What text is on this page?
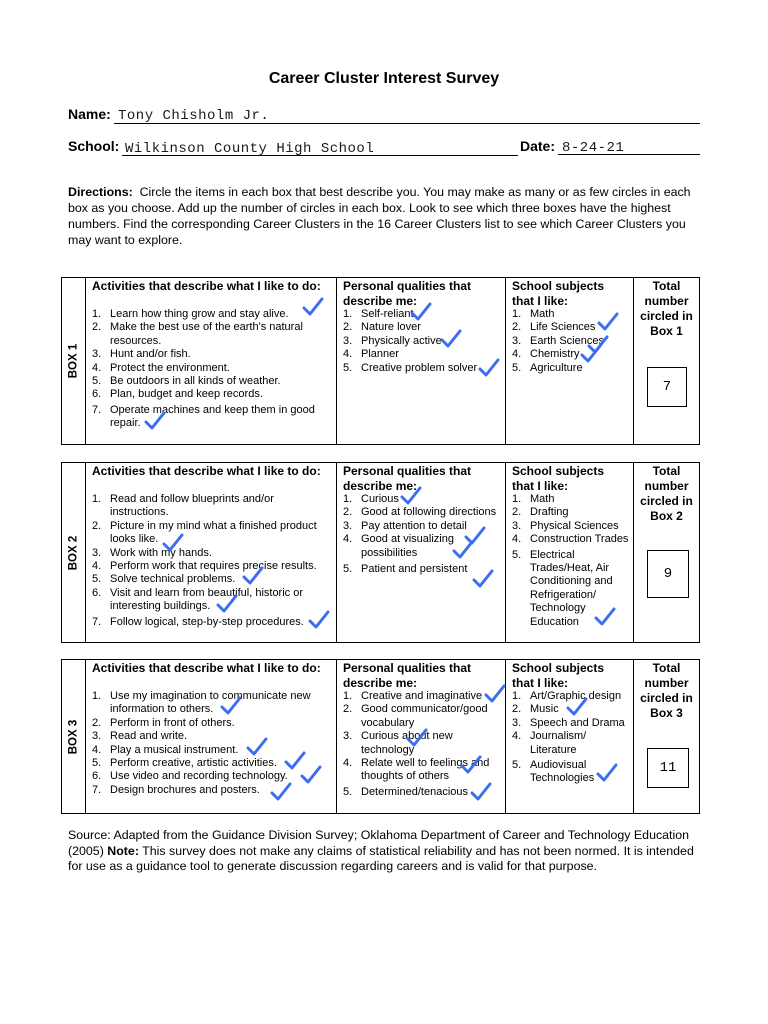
Career Cluster Interest Survey
Name: Tony Chisholm Jr.
School: Wilkinson County High School	Date: 8-24-21
Directions: Circle the items in each box that best describe you. You may make as many or as few circles in each box as you choose. Add up the number of circles in each box. Look to see which three boxes have the highest numbers. Find the corresponding Career Clusters in the 16 Career Clusters list to see which Career Clusters you may want to explore.
BOX 1
Activities that describe what I like to do:
1. Learn how thing grow and stay alive.
2. Make the best use of the earth's natural resources.
3. Hunt and/or fish.
4. Protect the environment.
5. Be outdoors in all kinds of weather.
6. Plan, budget and keep records.
7. Operate machines and keep them in good repair.
Personal qualities that describe me:
1. Self-reliant
2. Nature lover
3. Physically active
4. Planner
5. Creative problem solver
School subjects that I like:
1. Math
2. Life Sciences
3. Earth Sciences
4. Chemistry
5. Agriculture
Total number circled in Box 1
7
BOX 2
Activities that describe what I like to do:
1. Read and follow blueprints and/or instructions.
2. Picture in my mind what a finished product looks like.
3. Work with my hands.
4. Perform work that requires precise results.
5. Solve technical problems.
6. Visit and learn from beautiful, historic or interesting buildings.
7. Follow logical, step-by-step procedures.
Personal qualities that describe me:
1. Curious
2. Good at following directions
3. Pay attention to detail
4. Good at visualizing possibilities
5. Patient and persistent
School subjects that I like:
1. Math
2. Drafting
3. Physical Sciences
4. Construction Trades
5. Electrical Trades/Heat, Air Conditioning and Refrigeration/ Technology Education
Total number circled in Box 2
9
BOX 3
Activities that describe what I like to do:
1. Use my imagination to communicate new information to others.
2. Perform in front of others.
3. Read and write.
4. Play a musical instrument.
5. Perform creative, artistic activities.
6. Use video and recording technology.
7. Design brochures and posters.
Personal qualities that describe me:
1. Creative and imaginative
2. Good communicator/good vocabulary
3. Curious about new technology
4. Relate well to feelings and thoughts of others
5. Determined/tenacious
School subjects that I like:
1. Art/Graphic design
2. Music
3. Speech and Drama
4. Journalism/ Literature
5. Audiovisual Technologies
Total number circled in Box 3
11
Source: Adapted from the Guidance Division Survey; Oklahoma Department of Career and Technology Education (2005) Note: This survey does not make any claims of statistical reliability and has not been normed. It is intended for use as a guidance tool to generate discussion regarding careers and is valid for that purpose.
